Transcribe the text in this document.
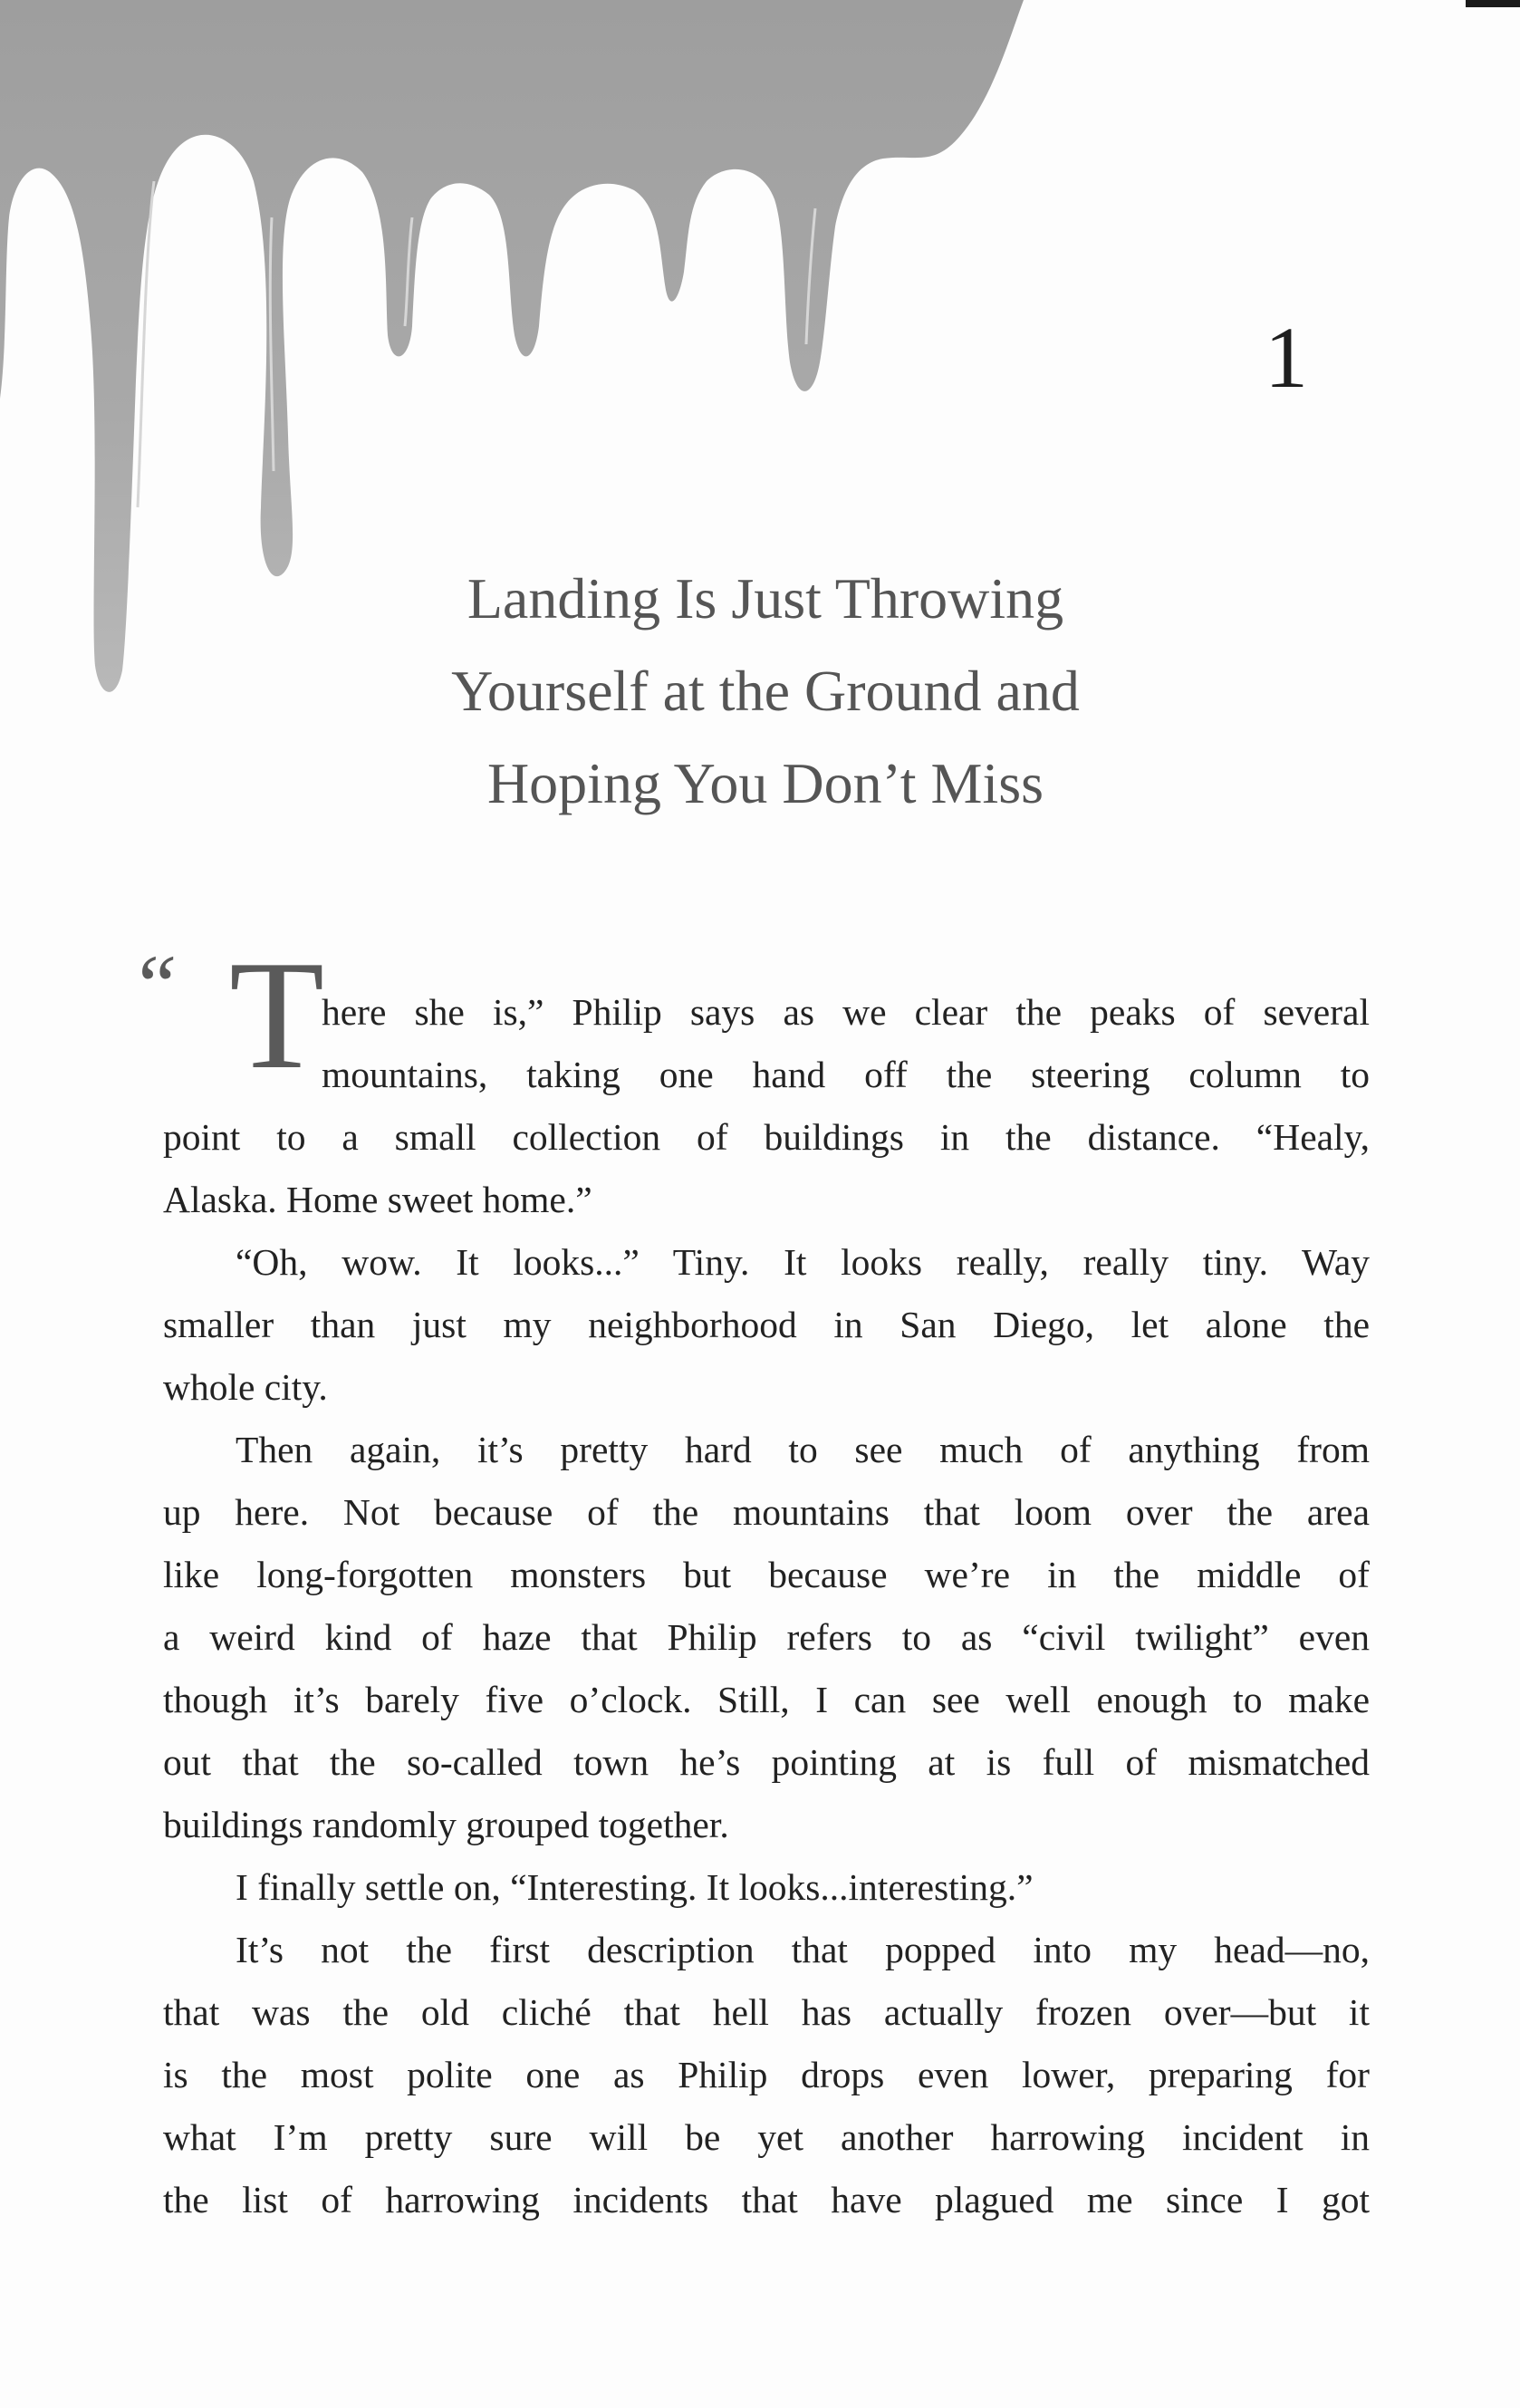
1
Landing Is Just Throwing
Yourself at the Ground and
Hoping You Don’t Miss
“ T
here she is,” Philip says as we clear the peaks of several
mountains, taking one hand off the steering column to
point to a small collection of buildings in the distance. “Healy,
Alaska. Home sweet home.”
“Oh, wow. It looks...” Tiny. It looks really, really tiny. Way
smaller than just my neighborhood in San Diego, let alone the
whole city.
Then again, it’s pretty hard to see much of anything from
up here. Not because of the mountains that loom over the area
like long-forgotten monsters but because we’re in the middle of
a weird kind of haze that Philip refers to as “civil twilight” even
though it’s barely five o’clock. Still, I can see well enough to make
out that the so-called town he’s pointing at is full of mismatched
buildings randomly grouped together.
I finally settle on, “Interesting. It looks...interesting.”
It’s not the first description that popped into my head—no,
that was the old cliché that hell has actually frozen over—but it
is the most polite one as Philip drops even lower, preparing for
what I’m pretty sure will be yet another harrowing incident in
the list of harrowing incidents that have plagued me since I got
